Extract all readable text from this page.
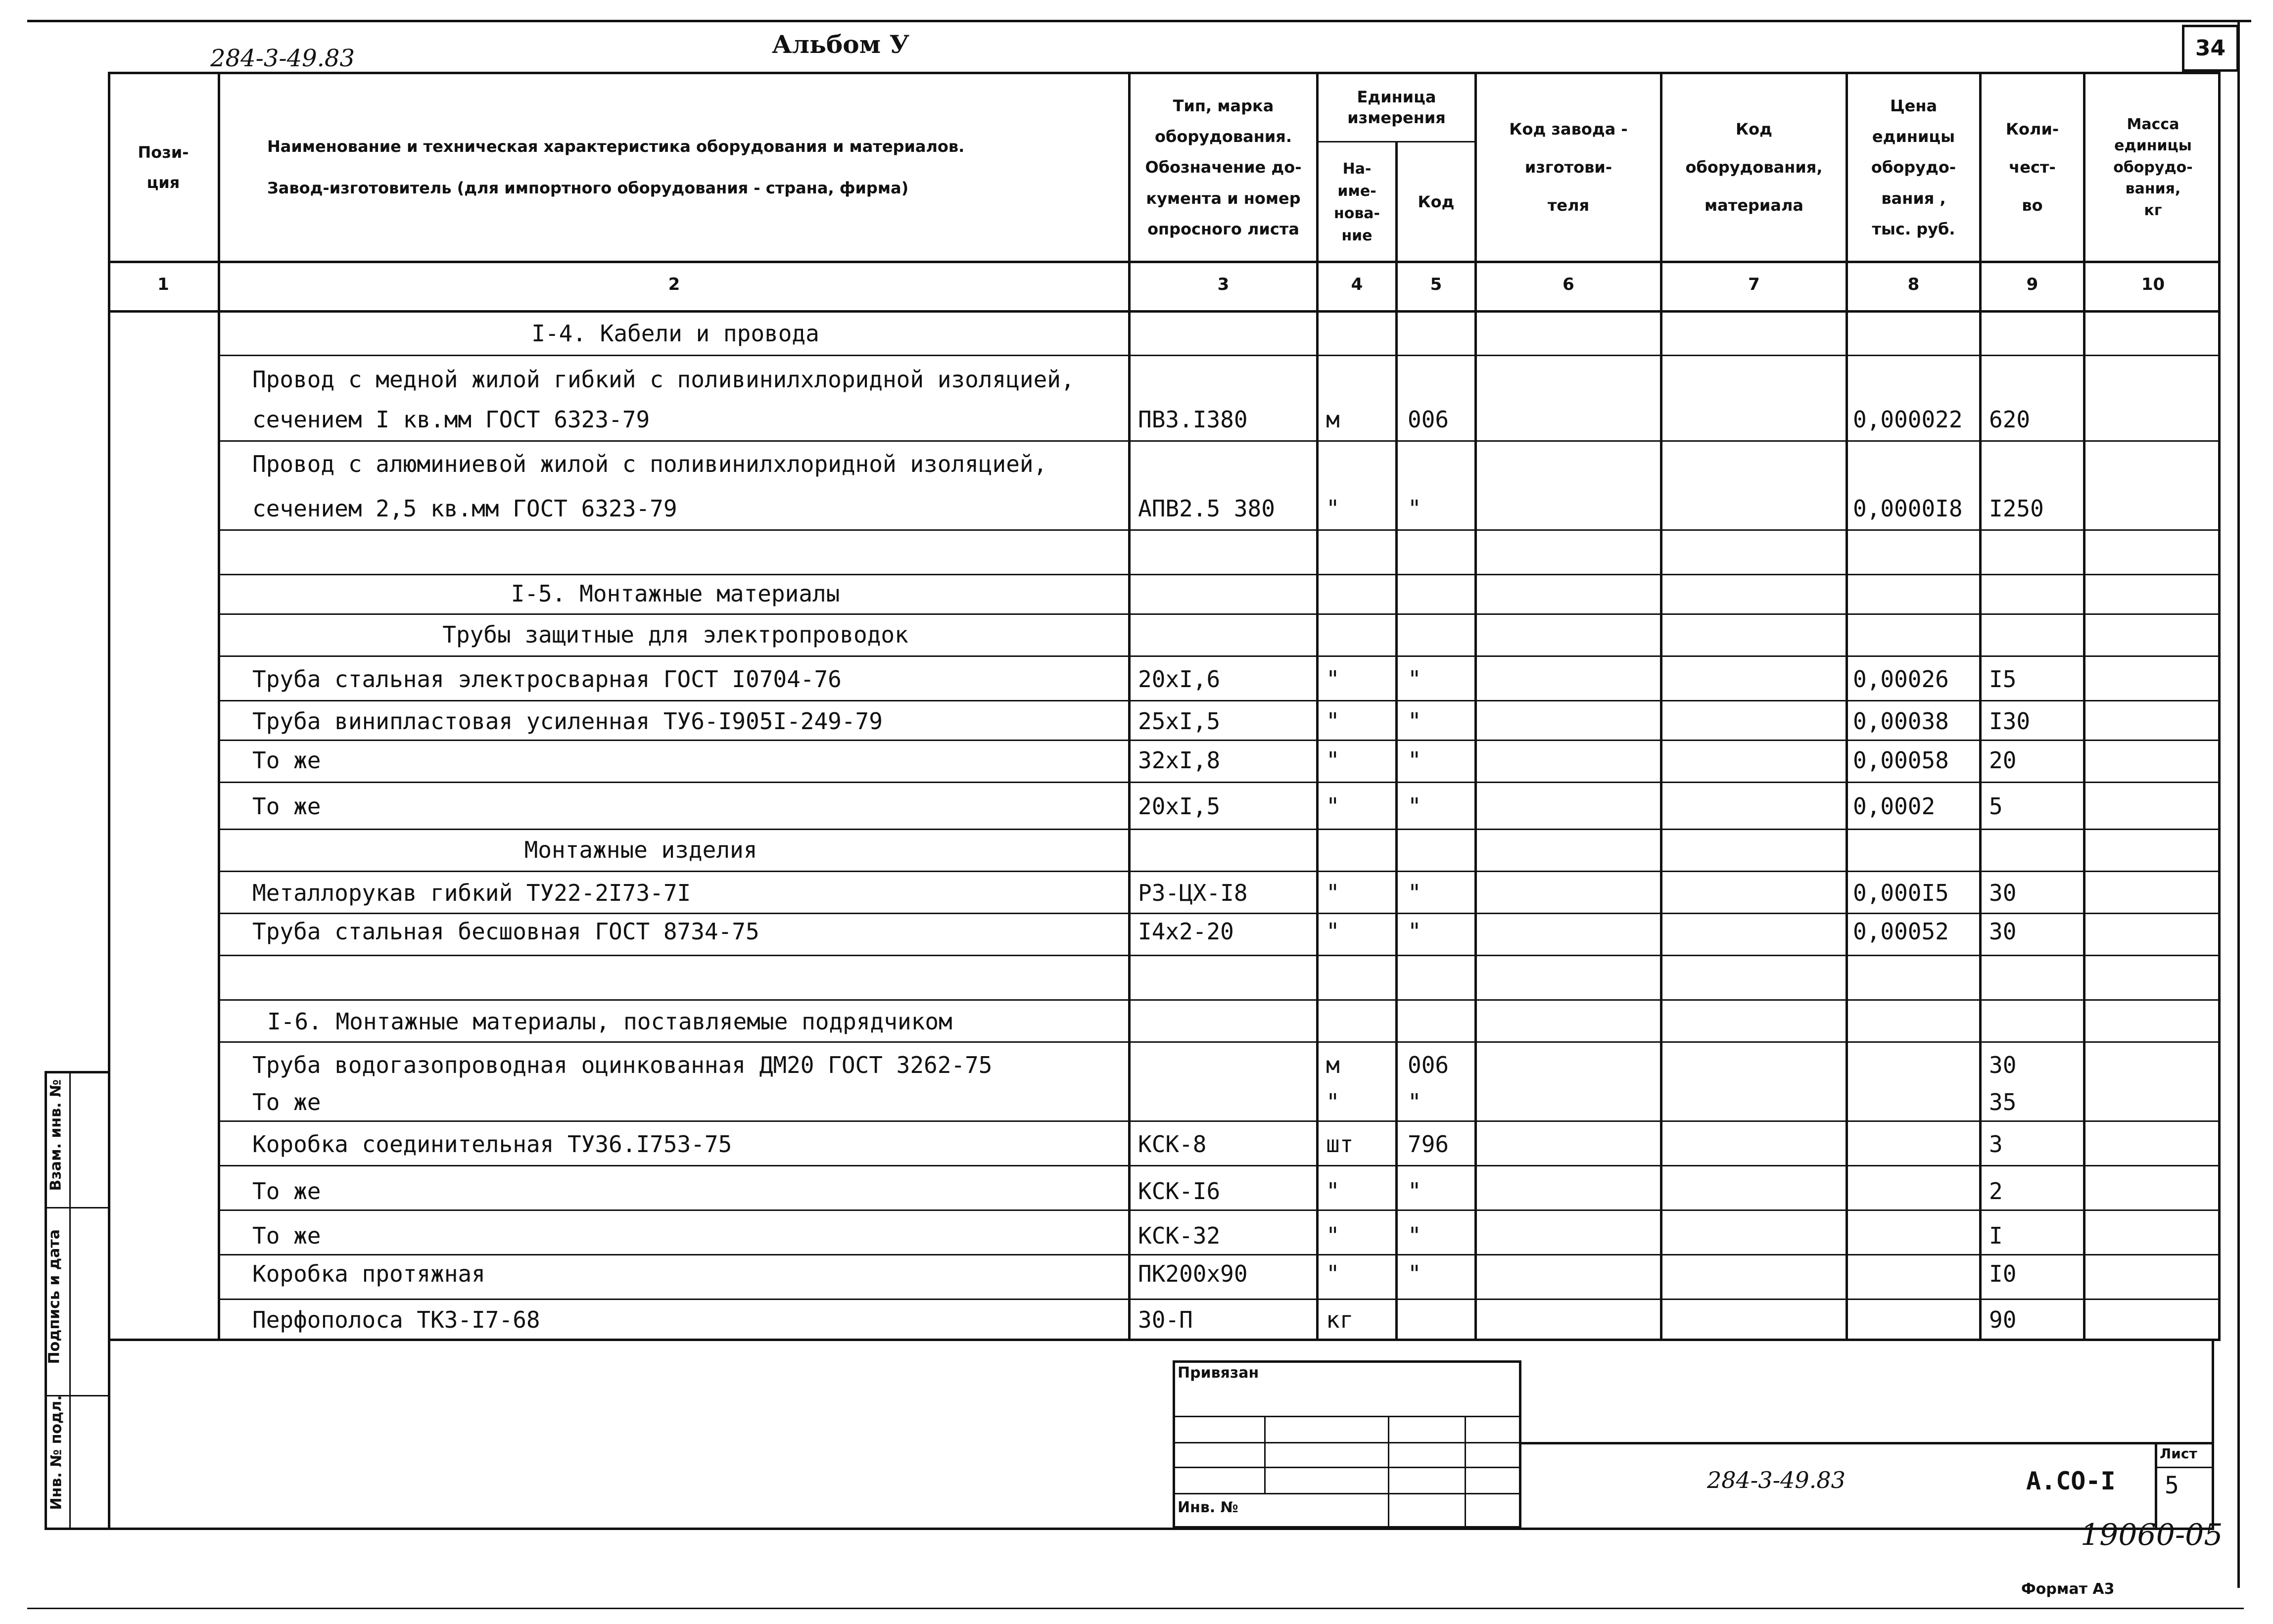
284-3-49.83	Альбом У	34
Пози-
ция
Наименование и техническая характеристика оборудования и материалов.
Завод-изготовитель (для импортного оборудования - страна, фирма)
Тип, марка
оборудования.
Обозначение до-
кумента и номер
опросного листа
Единица
измерения
На-
име-
нова-
ние
Код
Код завода -
изготови-
теля
Код
оборудования,
материала
Цена
единицы
оборудо-
вания ,
тыс. руб.
Коли-
чест-
во
Масса
единицы
оборудо-
вания,
кг
1	2	3	4	5	6	7	8	9	10
I-4. Кабели и провода
Провод с медной жилой гибкий с поливинилхлоридной изоляцией,
сечением I кв.мм ГОСТ 6323-79	ПВЗ.I380	м	006	0,000022 620
Провод с алюминиевой жилой с поливинилхлоридной изоляцией,
сечением 2,5 кв.мм ГОСТ 6323-79	АПВ2.5 380 "	"	0,0000I8 I250
I-5. Монтажные материалы
Трубы защитные для электропроводок
Труба стальная электросварная ГОСТ I0704-76	20xI,6	"	"	0,00026 I5
Труба винипластовая усиленная ТУ6-I905I-249-79	25xI,5	"	"	0,00038 I30
То же	32xI,8	"	"	0,00058 20
То же	20xI,5	"	"	0,0002 5
Монтажные изделия
Металлорукав гибкий ТУ22-2I73-7I	Р3-ЦХ-I8	"	"	0,000I5 30
Труба стальная бесшовная ГОСТ 8734-75	I4x2-20	"	"	0,00052 30
I-6. Монтажные материалы, поставляемые подрядчиком
Труба водогазопроводная оцинкованная ДМ20 ГОСТ 3262-75	м	006	30
То же	"	"	35
Коробка соединительная ТУ36.I753-75	КСК-8	шт 796	3
То же	КСК-I6	"	"	2
То же	КСК-32	"	"	I
Коробка протяжная	ПК200x90	"	"	I0
Перфополоса ТК3-I7-68	30-П	кг	90
Инв. № подл.
Подпись и дата
Взам. инв. №
Привязан
Инв. №
284-3-49.83	А.СО-I
Лист
5
19060-05
Формат А3
